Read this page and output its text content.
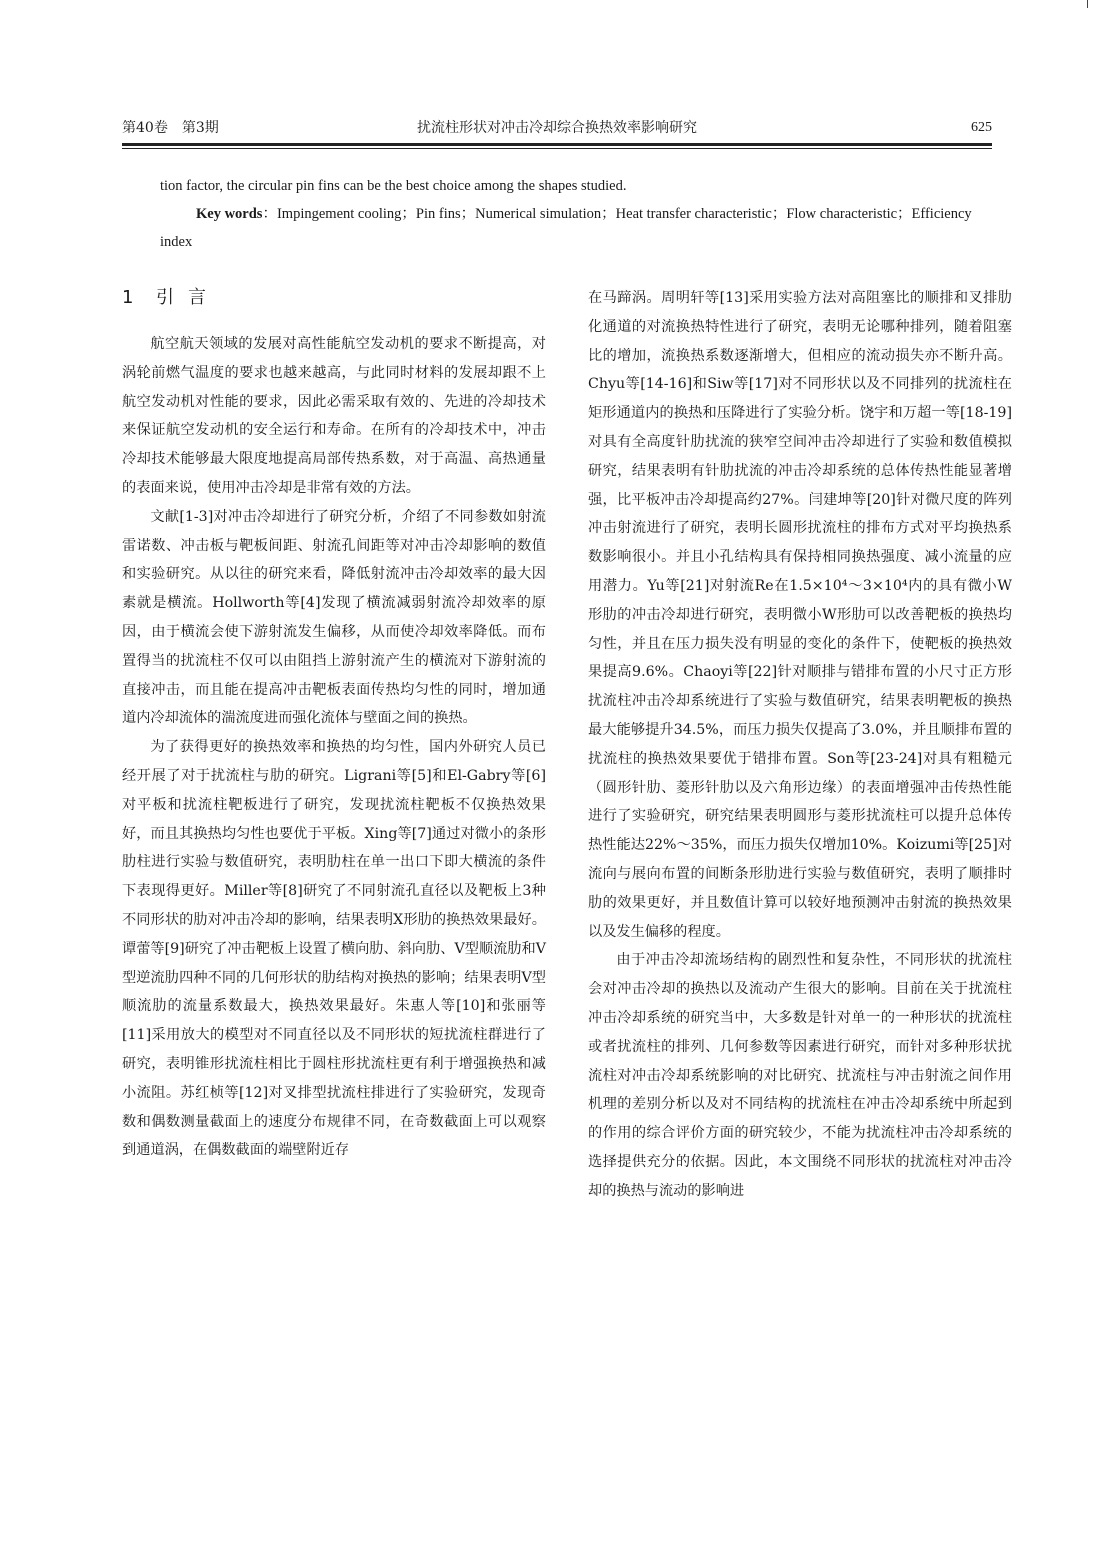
第40卷　第3期	扰流柱形状对冲击冷却综合换热效率影响研究	625

tion factor, the circular pin fins can be the best choice among the shapes studied.

Key words：Impingement cooling；Pin fins；Numerical simulation；Heat transfer characteristic；Flow characteristic；Efficiency index

1 引言

航空航天领域的发展对高性能航空发动机的要求不断提高，对涡轮前燃气温度的要求也越来越高，与此同时材料的发展却跟不上航空发动机对性能的要求，因此必需采取有效的、先进的冷却技术来保证航空发动机的安全运行和寿命。在所有的冷却技术中，冲击冷却技术能够最大限度地提高局部传热系数，对于高温、高热通量的表面来说，使用冲击冷却是非常有效的方法。

文献[1-3]对冲击冷却进行了研究分析，介绍了不同参数如射流雷诺数、冲击板与靶板间距、射流孔间距等对冲击冷却影响的数值和实验研究。从以往的研究来看，降低射流冲击冷却效率的最大因素就是横流。Hollworth等[4]发现了横流减弱射流冷却效率的原因，由于横流会使下游射流发生偏移，从而使冷却效率降低。而布置得当的扰流柱不仅可以由阻挡上游射流产生的横流对下游射流的直接冲击，而且能在提高冲击靶板表面传热均匀性的同时，增加通道内冷却流体的湍流度进而强化流体与壁面之间的换热。

为了获得更好的换热效率和换热的均匀性，国内外研究人员已经开展了对于扰流柱与肋的研究。Ligrani等[5]和El-Gabry等[6]对平板和扰流柱靶板进行了研究，发现扰流柱靶板不仅换热效果好，而且其换热均匀性也要优于平板。Xing等[7]通过对微小的条形肋柱进行实验与数值研究，表明肋柱在单一出口下即大横流的条件下表现得更好。Miller等[8]研究了不同射流孔直径以及靶板上3种不同形状的肋对冲击冷却的影响，结果表明X形肋的换热效果最好。谭蕾等[9]研究了冲击靶板上设置了横向肋、斜向肋、V型顺流肋和V型逆流肋四种不同的几何形状的肋结构对换热的影响；结果表明V型顺流肋的流量系数最大，换热效果最好。朱惠人等[10]和张丽等[11]采用放大的模型对不同直径以及不同形状的短扰流柱群进行了研究，表明锥形扰流柱相比于圆柱形扰流柱更有利于增强换热和减小流阻。苏红桢等[12]对叉排型扰流柱排进行了实验研究，发现奇数和偶数测量截面上的速度分布规律不同，在奇数截面上可以观察到通道涡，在偶数截面的端壁附近存

在马蹄涡。周明轩等[13]采用实验方法对高阻塞比的顺排和叉排肋化通道的对流换热特性进行了研究，表明无论哪种排列，随着阻塞比的增加，流换热系数逐渐增大，但相应的流动损失亦不断升高。Chyu等[14-16]和Siw等[17]对不同形状以及不同排列的扰流柱在矩形通道内的换热和压降进行了实验分析。饶宇和万超一等[18-19]对具有全高度针肋扰流的狭窄空间冲击冷却进行了实验和数值模拟研究，结果表明有针肋扰流的冲击冷却系统的总体传热性能显著增强，比平板冲击冷却提高约27%。闫建坤等[20]针对微尺度的阵列冲击射流进行了研究，表明长圆形扰流柱的排布方式对平均换热系数影响很小。并且小孔结构具有保持相同换热强度、减小流量的应用潜力。Yu等[21]对射流Re在1.5×10⁴～3×10⁴内的具有微小W形肋的冲击冷却进行研究，表明微小W形肋可以改善靶板的换热均匀性，并且在压力损失没有明显的变化的条件下，使靶板的换热效果提高9.6%。Chaoyi等[22]针对顺排与错排布置的小尺寸正方形扰流柱冲击冷却系统进行了实验与数值研究，结果表明靶板的换热最大能够提升34.5%，而压力损失仅提高了3.0%，并且顺排布置的扰流柱的换热效果要优于错排布置。Son等[23-24]对具有粗糙元（圆形针肋、菱形针肋以及六角形边缘）的表面增强冲击传热性能进行了实验研究，研究结果表明圆形与菱形扰流柱可以提升总体传热性能达22%～35%，而压力损失仅增加10%。Koizumi等[25]对流向与展向布置的间断条形肋进行实验与数值研究，表明了顺排时肋的效果更好，并且数值计算可以较好地预测冲击射流的换热效果以及发生偏移的程度。

由于冲击冷却流场结构的剧烈性和复杂性，不同形状的扰流柱会对冲击冷却的换热以及流动产生很大的影响。目前在关于扰流柱冲击冷却系统的研究当中，大多数是针对单一的一种形状的扰流柱或者扰流柱的排列、几何参数等因素进行研究，而针对多种形状扰流柱对冲击冷却系统影响的对比研究、扰流柱与冲击射流之间作用机理的差别分析以及对不同结构的扰流柱在冲击冷却系统中所起到的作用的综合评价方面的研究较少，不能为扰流柱冲击冷却系统的选择提供充分的依据。因此，本文围绕不同形状的扰流柱对冲击冷却的换热与流动的影响进
